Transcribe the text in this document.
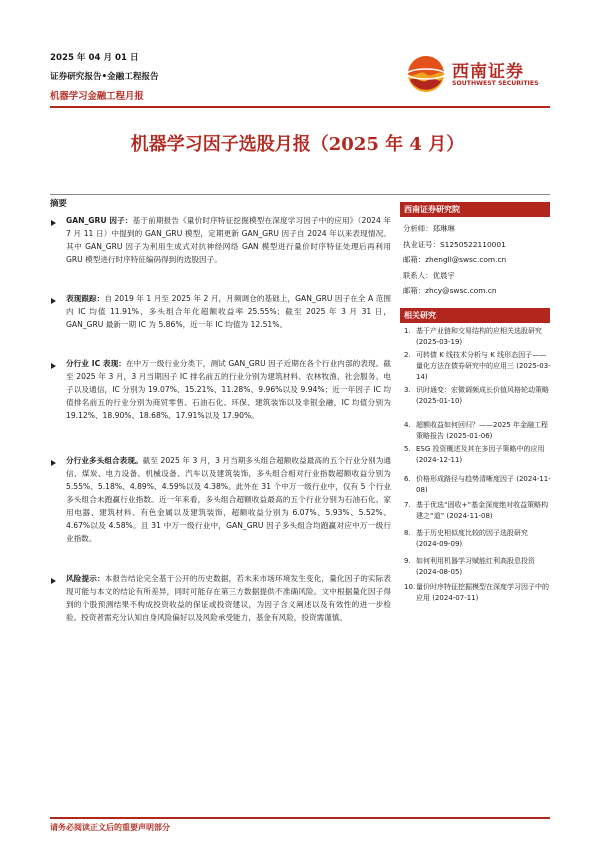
2025 年 04 月 01 日
证券研究报告•金融工程报告
机器学习金融工程月报
西南证券
SOUTHWEST SECURITIES
机器学习因子选股月报（2025 年 4 月）
摘要
GAN_GRU 因子：基于前期报告《量价时序特征挖掘模型在深度学习因子中的应用》（2024 年 7 月 11 日）中提到的 GAN_GRU 模型，定期更新 GAN_GRU 因子自 2024 年以来表现情况。其中 GAN_GRU 因子为利用生成式对抗神经网络 GAN 模型进行量价时序特征处理后再利用 GRU 模型进行时序特征编码得到的选股因子。
表现跟踪：自 2019 年 1 月至 2025 年 2 月，月频调仓的基础上，GAN_GRU 因子在全 A 范围内 IC 均值 11.91%，多头组合年化超额收益率 25.55%；截至 2025 年 3 月 31 日，GAN_GRU 最新一期 IC 为 5.86%，近一年 IC 均值为 12.51%。
分行业 IC 表现：在中万一级行业分类下，测试 GAN_GRU 因子近期在各个行业内部的表现。截至 2025 年 3 月，3 月当期因子 IC 排名前五的行业分别为建筑材料、农林牧渔、社会服务、电子以及通信，IC 分别为 19.07%、15.21%、11.28%、9.96%以及 9.94%；近一年因子 IC 均值排名前五的行业分别为商贸零售、石油石化、环保、建筑装饰以及非银金融，IC 均值分别为 19.12%、18.90%、18.68%、17.91%以及 17.90%。
分行业多头组合表现。截至 2025 年 3 月，3 月当期多头组合超额收益最高的五个行业分别为通信、煤炭、电力设备、机械设备、汽车以及建筑装饰，多头组合相对行业指数超额收益分别为 5.55%、5.18%、4.89%、4.59%以及 4.38%。此外在 31 个中万一级行业中，仅有 5 个行业多头组合未跑赢行业指数。近一年来看，多头组合超额收益最高的五个行业分别为石油石化、家用电器、建筑材料、有色金属以及建筑装饰，超额收益分别为 6.07%、5.93%、5.52%、4.67%以及 4.58%。且 31 中万一级行业中，GAN_GRU 因子多头组合均跑赢对应中万一级行业指数。
风险提示：本报告结论完全基于公开的历史数据，若未来市场环境发生变化，量化因子的实际表现可能与本文的结论有所差异，同时可能存在第三方数据提供不准确风险。文中根据量化因子得到的个股预测结果不构成投资收益的保证或投资建议，为因子含义阐述以及有效性的进一步检验。投资者需充分认知自身风险偏好以及风险承受能力，基金有风险，投资需谨慎。
西南证券研究院
分析师：郑琳琳
执业证号：S1250522110001
邮箱：zhengll@swsc.com.cn
联系人：优晨宇
邮箱：zhcy@swsc.com.cn
相关研究
1. 基于产业链和交易结构的应相关选股研究 (2025-03-19)
2. 可转债 K 线技术分析与 K 线形态因子——量化方法在债券研究中的应用三 (2025-03-14)
3. 识时通变：宏微调频成长价值风格轮动策略 (2025-01-10)
4. 超额收益如何回归？——2025 年金融工程策略报告 (2025-01-06)
5. ESG 投资概述及其在多因子策略中的应用 (2024-12-11)
6. 价格形成路径与趋势清晰度因子 (2024-11-08)
7. 基于优选“固收+”基金深度绝对收益策略构建之“道” (2024-11-08)
8. 基于历史相似度比较的因子选股研究 (2024-09-09)
9. 如何利用机器学习赋能红利高股息投资 (2024-08-05)
10. 量价时序特征挖掘模型在深度学习因子中的应用 (2024-07-11)
请务必阅读正文后的重要声明部分
